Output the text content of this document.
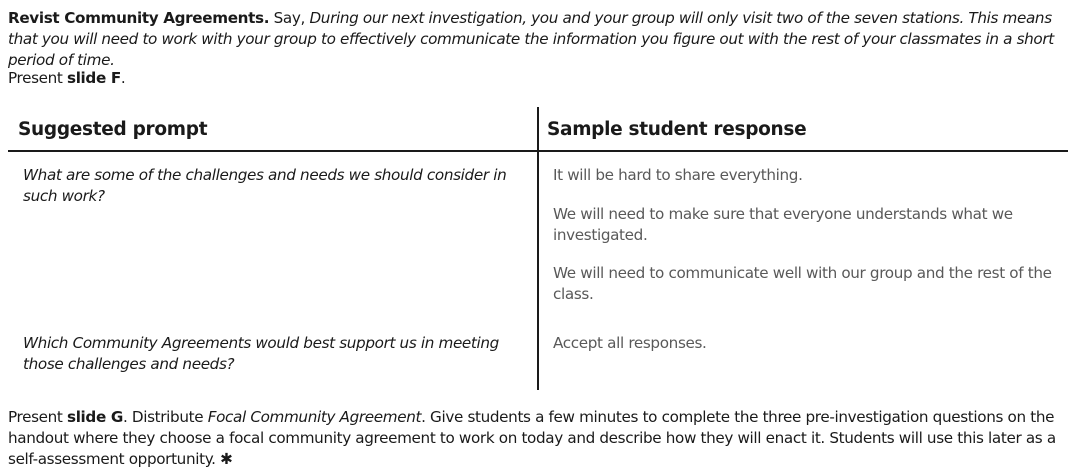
Revist Community Agreements. Say, During our next investigation, you and your group will only visit two of the seven stations. This means that you will need to work with your group to effectively communicate the information you figure out with the rest of your classmates in a short period of time.

Present slide F.

Suggested prompt	Sample student response
What are some of the challenges and needs we should consider in such work?
It will be hard to share everything.
We will need to make sure that everyone understands what we investigated.
We will need to communicate well with our group and the rest of the class.
Which Community Agreements would best support us in meeting those challenges and needs?
Accept all responses.

Present slide G. Distribute Focal Community Agreement. Give students a few minutes to complete the three pre-investigation questions on the handout where they choose a focal community agreement to work on today and describe how they will enact it. Students will use this later as a self-assessment opportunity. ✱
